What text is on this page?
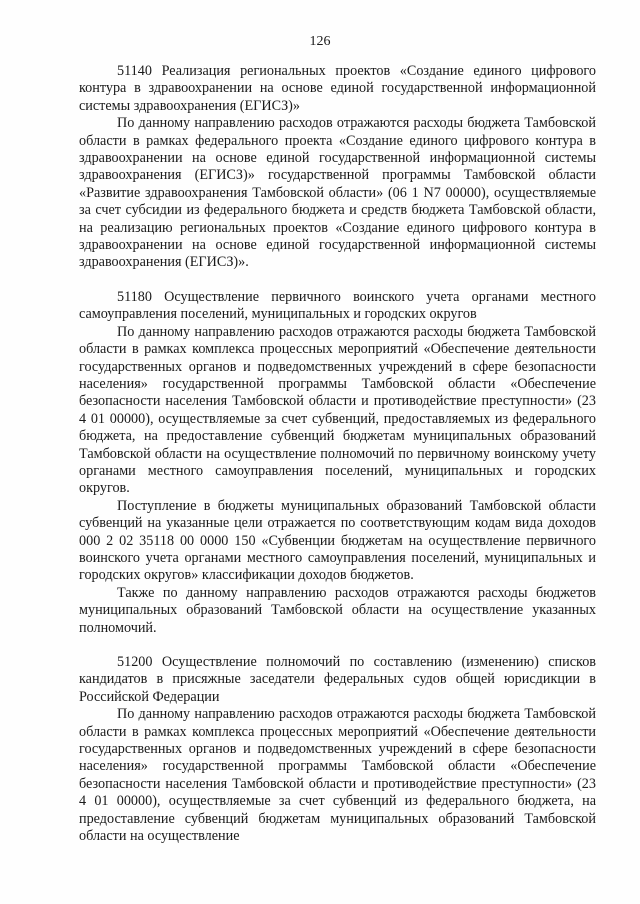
126

51140 Реализация региональных проектов «Создание единого цифрового контура в здравоохранении на основе единой государственной информационной системы здравоохранения (ЕГИСЗ)»

По данному направлению расходов отражаются расходы бюджета Тамбовской области в рамках федерального проекта «Создание единого цифрового контура в здравоохранении на основе единой государственной информационной системы здравоохранения (ЕГИСЗ)» государственной программы Тамбовской области «Развитие здравоохранения Тамбовской области» (06 1 N7 00000), осуществляемые за счет субсидии из федерального бюджета и средств бюджета Тамбовской области, на реализацию региональных проектов «Создание единого цифрового контура в здравоохранении на основе единой государственной информационной системы здравоохранения (ЕГИСЗ)».

51180 Осуществление первичного воинского учета органами местного самоуправления поселений, муниципальных и городских округов

По данному направлению расходов отражаются расходы бюджета Тамбовской области в рамках комплекса процессных мероприятий «Обеспечение деятельности государственных органов и подведомственных учреждений в сфере безопасности населения» государственной программы Тамбовской области «Обеспечение безопасности населения Тамбовской области и противодействие преступности» (23 4 01 00000), осуществляемые за счет субвенций, предоставляемых из федерального бюджета, на предоставление субвенций бюджетам муниципальных образований Тамбовской области на осуществление полномочий по первичному воинскому учету органами местного самоуправления поселений, муниципальных и городских округов.

Поступление в бюджеты муниципальных образований Тамбовской области субвенций на указанные цели отражается по соответствующим кодам вида доходов 000 2 02 35118 00 0000 150 «Субвенции бюджетам на осуществление первичного воинского учета органами местного самоуправления поселений, муниципальных и городских округов» классификации доходов бюджетов.

Также по данному направлению расходов отражаются расходы бюджетов муниципальных образований Тамбовской области на осуществление указанных полномочий.

51200 Осуществление полномочий по составлению (изменению) списков кандидатов в присяжные заседатели федеральных судов общей юрисдикции в Российской Федерации

По данному направлению расходов отражаются расходы бюджета Тамбовской области в рамках комплекса процессных мероприятий «Обеспечение деятельности государственных органов и подведомственных учреждений в сфере безопасности населения» государственной программы Тамбовской области «Обеспечение безопасности населения Тамбовской области и противодействие преступности» (23 4 01 00000), осуществляемые за счет субвенций из федерального бюджета, на предоставление субвенций бюджетам муниципальных образований Тамбовской области на осуществление
